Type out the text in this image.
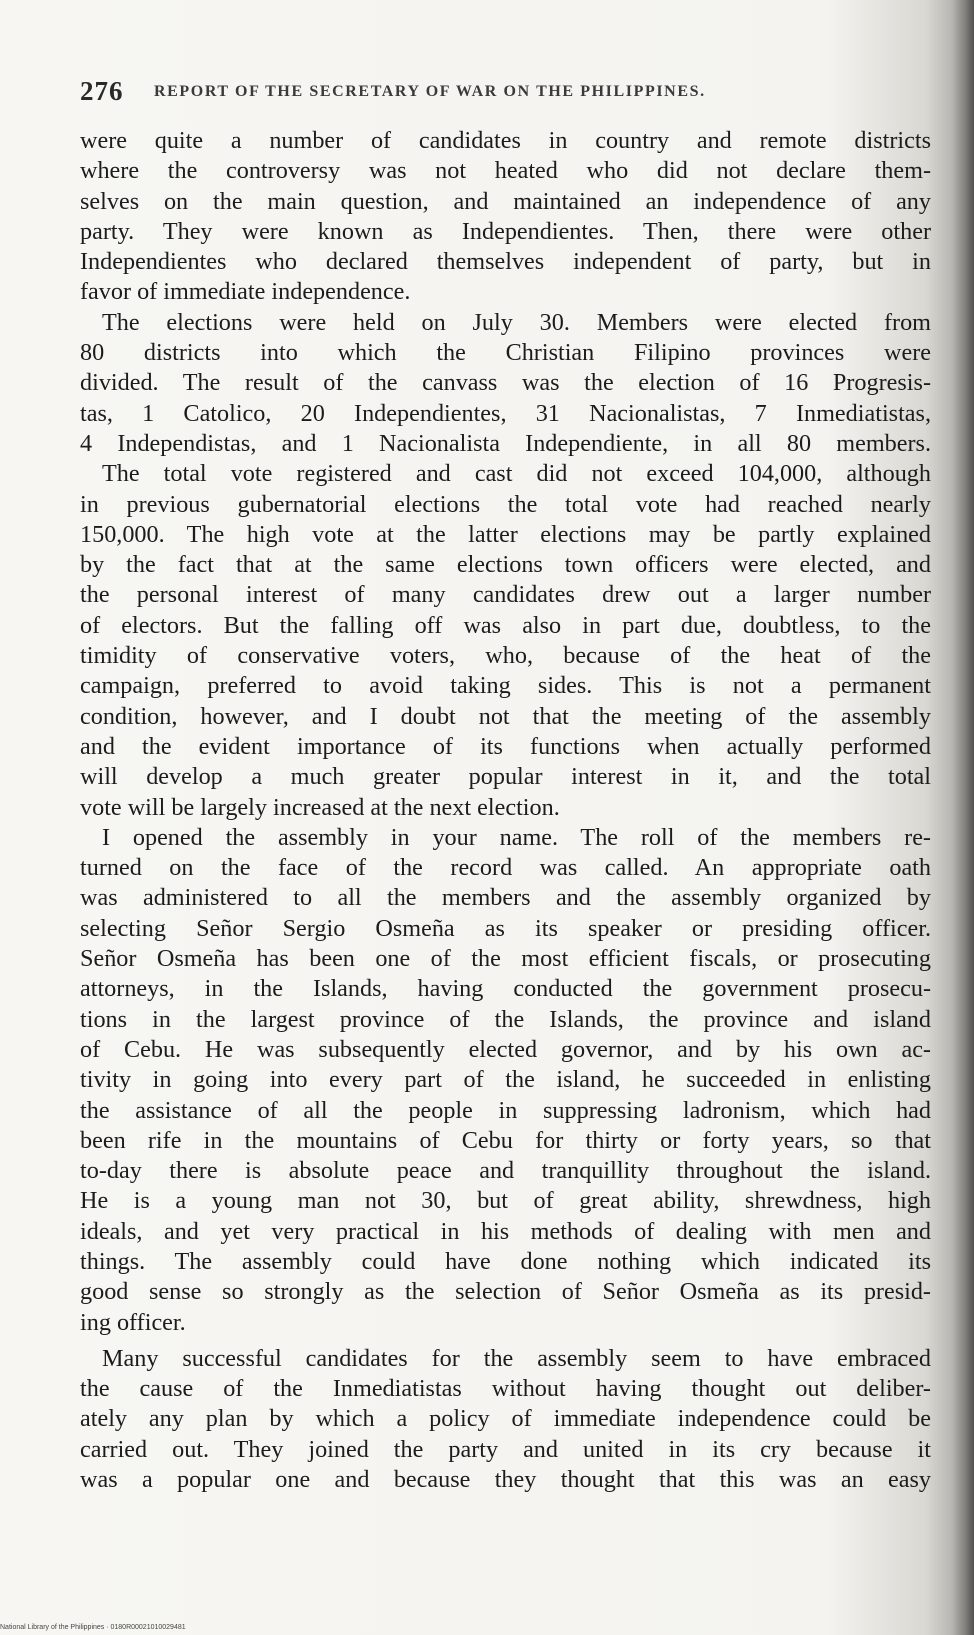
276 REPORT OF THE SECRETARY OF WAR ON THE PHILIPPINES.

were quite a number of candidates in country and remote districts
where the controversy was not heated who did not declare them-
selves on the main question, and maintained an independence of any
party. They were known as Independientes. Then, there were other
Independientes who declared themselves independent of party, but in
favor of immediate independence.

The elections were held on July 30. Members were elected from
80 districts into which the Christian Filipino provinces were
divided. The result of the canvass was the election of 16 Progresis-
tas, 1 Catolico, 20 Independientes, 31 Nacionalistas, 7 Inmediatistas,
4 Independistas, and 1 Nacionalista Independiente, in all 80 members.

The total vote registered and cast did not exceed 104,000, although
in previous gubernatorial elections the total vote had reached nearly
150,000. The high vote at the latter elections may be partly explained
by the fact that at the same elections town officers were elected, and
the personal interest of many candidates drew out a larger number
of electors. But the falling off was also in part due, doubtless, to the
timidity of conservative voters, who, because of the heat of the
campaign, preferred to avoid taking sides. This is not a permanent
condition, however, and I doubt not that the meeting of the assembly
and the evident importance of its functions when actually performed
will develop a much greater popular interest in it, and the total
vote will be largely increased at the next election.

I opened the assembly in your name. The roll of the members re-
turned on the face of the record was called. An appropriate oath
was administered to all the members and the assembly organized by
selecting Señor Sergio Osmeña as its speaker or presiding officer.
Señor Osmeña has been one of the most efficient fiscals, or prosecuting
attorneys, in the Islands, having conducted the government prosecu-
tions in the largest province of the Islands, the province and island
of Cebu. He was subsequently elected governor, and by his own ac-
tivity in going into every part of the island, he succeeded in enlisting
the assistance of all the people in suppressing ladronism, which had
been rife in the mountains of Cebu for thirty or forty years, so that
to-day there is absolute peace and tranquillity throughout the island.
He is a young man not 30, but of great ability, shrewdness, high
ideals, and yet very practical in his methods of dealing with men and
things. The assembly could have done nothing which indicated its
good sense so strongly as the selection of Señor Osmeña as its presid-
ing officer.

Many successful candidates for the assembly seem to have embraced
the cause of the Inmediatistas without having thought out deliber-
ately any plan by which a policy of immediate independence could be
carried out. They joined the party and united in its cry because it
was a popular one and because they thought that this was an easy

National Library of the Philippines · 0180R00021010029481
